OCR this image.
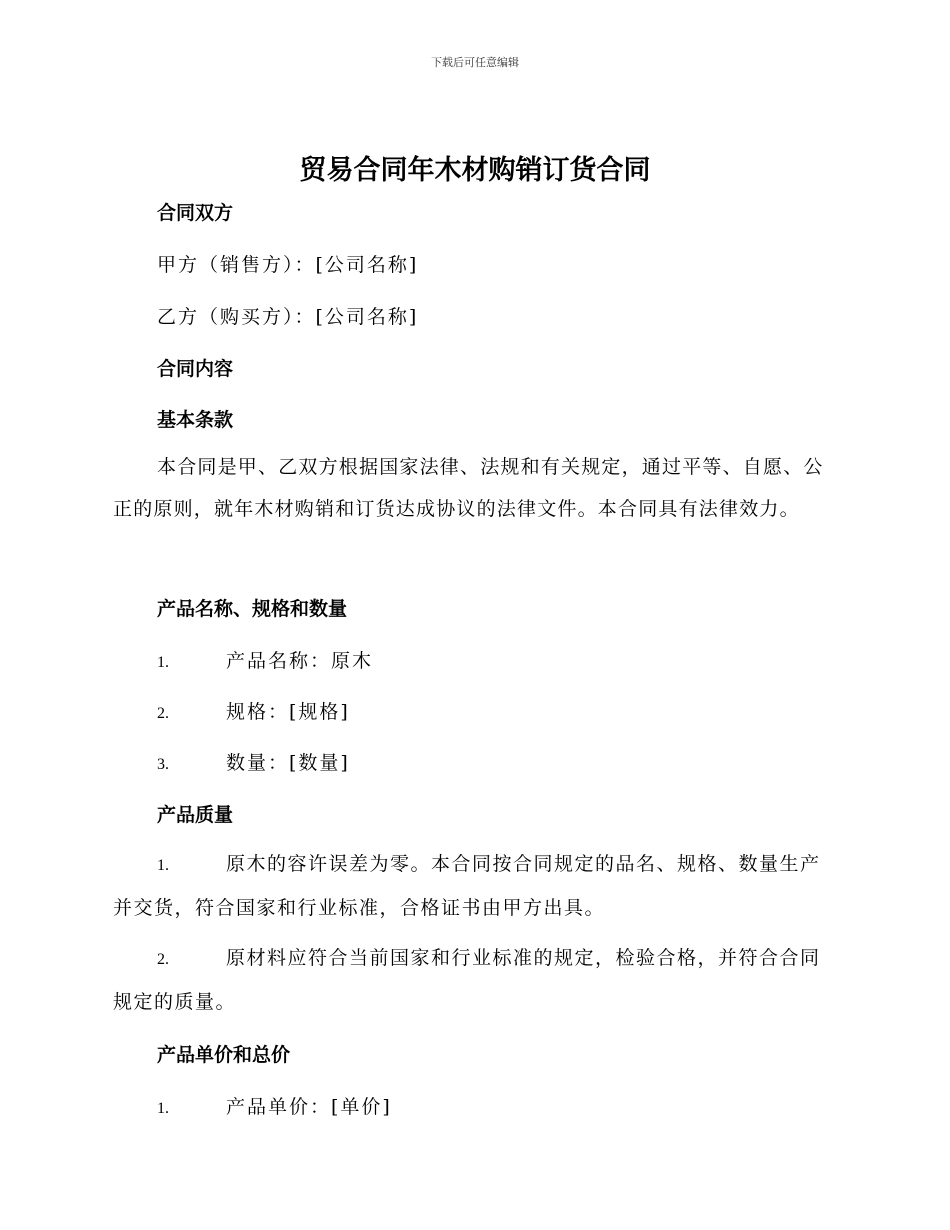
下载后可任意编辑
贸易合同年木材购销订货合同
合同双方
甲方（销售方）：[公司名称]
乙方（购买方）：[公司名称]
合同内容
基本条款

本合同是甲、乙双方根据国家法律、法规和有关规定，通过平等、自愿、公正的原则，就年木材购销和订货达成协议的法律文件。本合同具有法律效力。

产品名称、规格和数量
1.	产品名称：原木
2.	规格：[规格]
3.	数量：[数量]
产品质量

1.	原木的容许误差为零。本合同按合同规定的品名、规格、数量生产并交货，符合国家和行业标准，合格证书由甲方出具。

2.	原材料应符合当前国家和行业标准的规定，检验合格，并符合合同规定的质量。

产品单价和总价
1.	产品单价：[单价]
